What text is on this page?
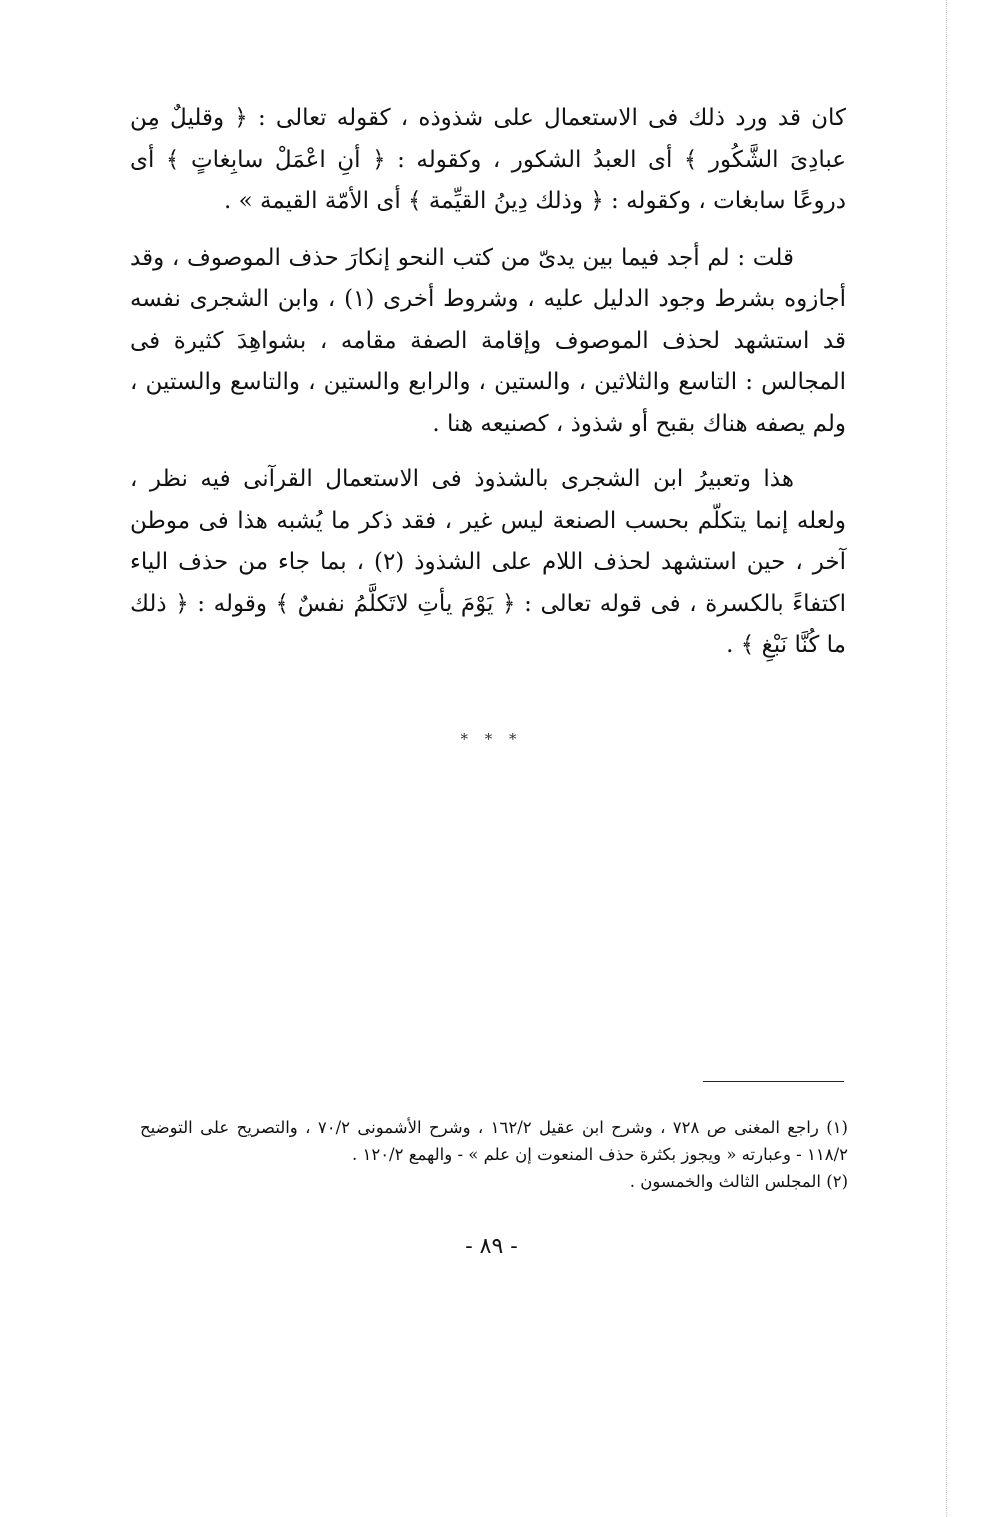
كان قد ورد ذلك فى الاستعمال على شذوذه ، كقوله تعالى : ﴿ وقليلٌ مِن عبادِىَ الشَّكُور ﴾ أى العبدُ الشكور ، وكقوله : ﴿ أنِ اعْمَلْ سابِغاتٍ ﴾ أى دروعًا سابغات ، وكقوله : ﴿ وذلك دِينُ القيِّمة ﴾ أى الأمّة القيمة » .

قلت : لم أجد فيما بين يدىّ من كتب النحو إنكارَ حذف الموصوف ، وقد أجازوه بشرط وجود الدليل عليه ، وشروط أخرى (١) ، وابن الشجرى نفسه قد استشهد لحذف الموصوف وإقامة الصفة مقامه ، بشواهِدَ كثيرة فى المجالس : التاسع والثلاثين ، والستين ، والرابع والستين ، والتاسع والستين ، ولم يصفه هناك بقبح أو شذوذ ، كصنيعه هنا .

هذا وتعبيرُ ابن الشجرى بالشذوذ فى الاستعمال القرآنى فيه نظر ، ولعله إنما يتكلّم بحسب الصنعة ليس غير ، فقد ذكر ما يُشبه هذا فى موطن آخر ، حين استشهد لحذف اللام على الشذوذ (٢) ، بما جاء من حذف الياء اكتفاءً بالكسرة ، فى قوله تعالى : ﴿ يَوْمَ يأتِ لاتَكلَّمُ نفسٌ ﴾ وقوله : ﴿ ذلك ما كُنَّا نَبْغِ ﴾ .

* * *

(١) راجع المغنى ص ٧٢٨ ، وشرح ابن عقيل ١٦٢/٢ ، وشرح الأشمونى ٧٠/٢ ، والتصريح على التوضيح ١١٨/٢ - وعبارته « ويجوز بكثرة حذف المنعوت إن علم » - والهمع ١٢٠/٢ .

(٢) المجلس الثالث والخمسون .

- ٨٩ -
